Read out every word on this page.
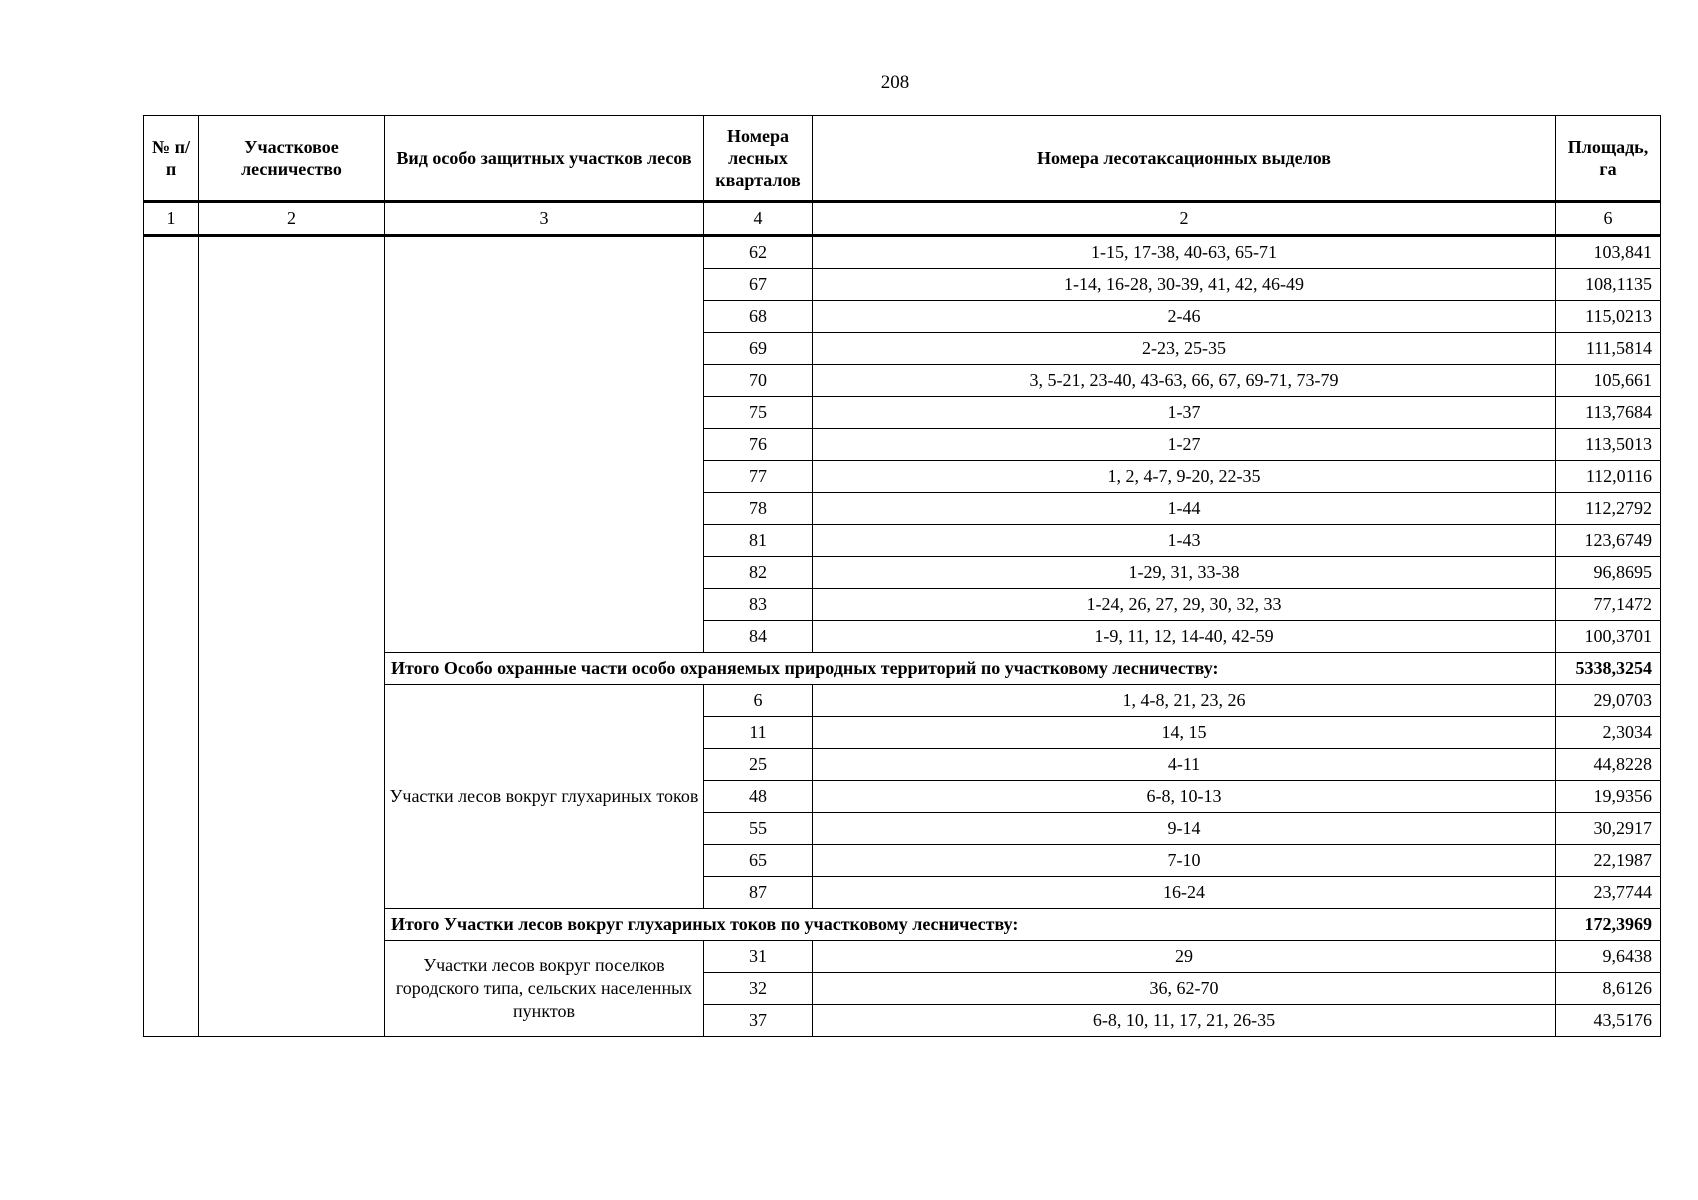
208
№ п/п	Участковое лесничество	Вид особо защитных участков лесов	Номера лесных кварталов	Номера лесотаксационных выделов	Площадь, га
1	2	3	4	2	6
			62	1-15, 17-38, 40-63, 65-71	103,841
			67	1-14, 16-28, 30-39, 41, 42, 46-49	108,1135
			68	2-46	115,0213
			69	2-23, 25-35	111,5814
			70	3, 5-21, 23-40, 43-63, 66, 67, 69-71, 73-79	105,661
			75	1-37	113,7684
			76	1-27	113,5013
			77	1, 2, 4-7, 9-20, 22-35	112,0116
			78	1-44	112,2792
			81	1-43	123,6749
			82	1-29, 31, 33-38	96,8695
			83	1-24, 26, 27, 29, 30, 32, 33	77,1472
			84	1-9, 11, 12, 14-40, 42-59	100,3701
		Итого Особо охранные части особо охраняемых природных территорий по участковому лесничеству:			5338,3254
		Участки лесов вокруг глухариных токов	6	1, 4-8, 21, 23, 26	29,0703
			11	14, 15	2,3034
			25	4-11	44,8228
			48	6-8, 10-13	19,9356
			55	9-14	30,2917
			65	7-10	22,1987
			87	16-24	23,7744
		Итого Участки лесов вокруг глухариных токов по участковому лесничеству:			172,3969
		Участки лесов вокруг поселков городского типа, сельских населенных пунктов	31	29	9,6438
			32	36, 62-70	8,6126
			37	6-8, 10, 11, 17, 21, 26-35	43,5176
